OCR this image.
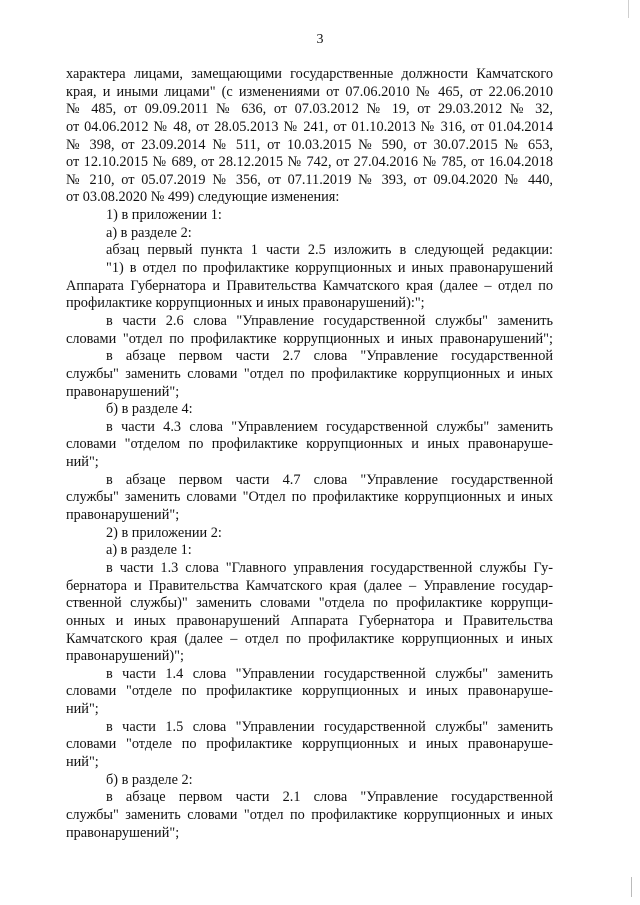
3
характера лицами, замещающими государственные должности Камчатского
края, и иными лицами" (с изменениями от 07.06.2010 № 465, от 22.06.2010
№ 485, от 09.09.2011 № 636, от 07.03.2012 № 19, от 29.03.2012 № 32,
от 04.06.2012 № 48, от 28.05.2013 № 241, от 01.10.2013 № 316, от 01.04.2014
№ 398, от 23.09.2014 № 511, от 10.03.2015 № 590, от 30.07.2015 № 653,
от 12.10.2015 № 689, от 28.12.2015 № 742, от 27.04.2016 № 785, от 16.04.2018
№ 210, от 05.07.2019 № 356, от 07.11.2019 № 393, от 09.04.2020 № 440,
от 03.08.2020 № 499) следующие изменения:
1) в приложении 1:
а) в разделе 2:
абзац первый пункта 1 части 2.5 изложить в следующей редакции:
"1) в отдел по профилактике коррупционных и иных правонарушений
Аппарата Губернатора и Правительства Камчатского края (далее – отдел по
профилактике коррупционных и иных правонарушений):";
в части 2.6 слова "Управление государственной службы" заменить
словами "отдел по профилактике коррупционных и иных правонарушений";
в абзаце первом части 2.7 слова "Управление государственной
службы" заменить словами "отдел по профилактике коррупционных и иных
правонарушений";
б) в разделе 4:
в части 4.3 слова "Управлением государственной службы" заменить
словами "отделом по профилактике коррупционных и иных правонаруше-
ний";
в абзаце первом части 4.7 слова "Управление государственной
службы" заменить словами "Отдел по профилактике коррупционных и иных
правонарушений";
2) в приложении 2:
а) в разделе 1:
в части 1.3 слова "Главного управления государственной службы Гу-
бернатора и Правительства Камчатского края (далее – Управление государ-
ственной службы)" заменить словами "отдела по профилактике коррупци-
онных и иных правонарушений Аппарата Губернатора и Правительства
Камчатского края (далее – отдел по профилактике коррупционных и иных
правонарушений)";
в части 1.4 слова "Управлении государственной службы" заменить
словами "отделе по профилактике коррупционных и иных правонаруше-
ний";
в части 1.5 слова "Управлении государственной службы" заменить
словами "отделе по профилактике коррупционных и иных правонаруше-
ний";
б) в разделе 2:
в абзаце первом части 2.1 слова "Управление государственной
службы" заменить словами "отдел по профилактике коррупционных и иных
правонарушений";
